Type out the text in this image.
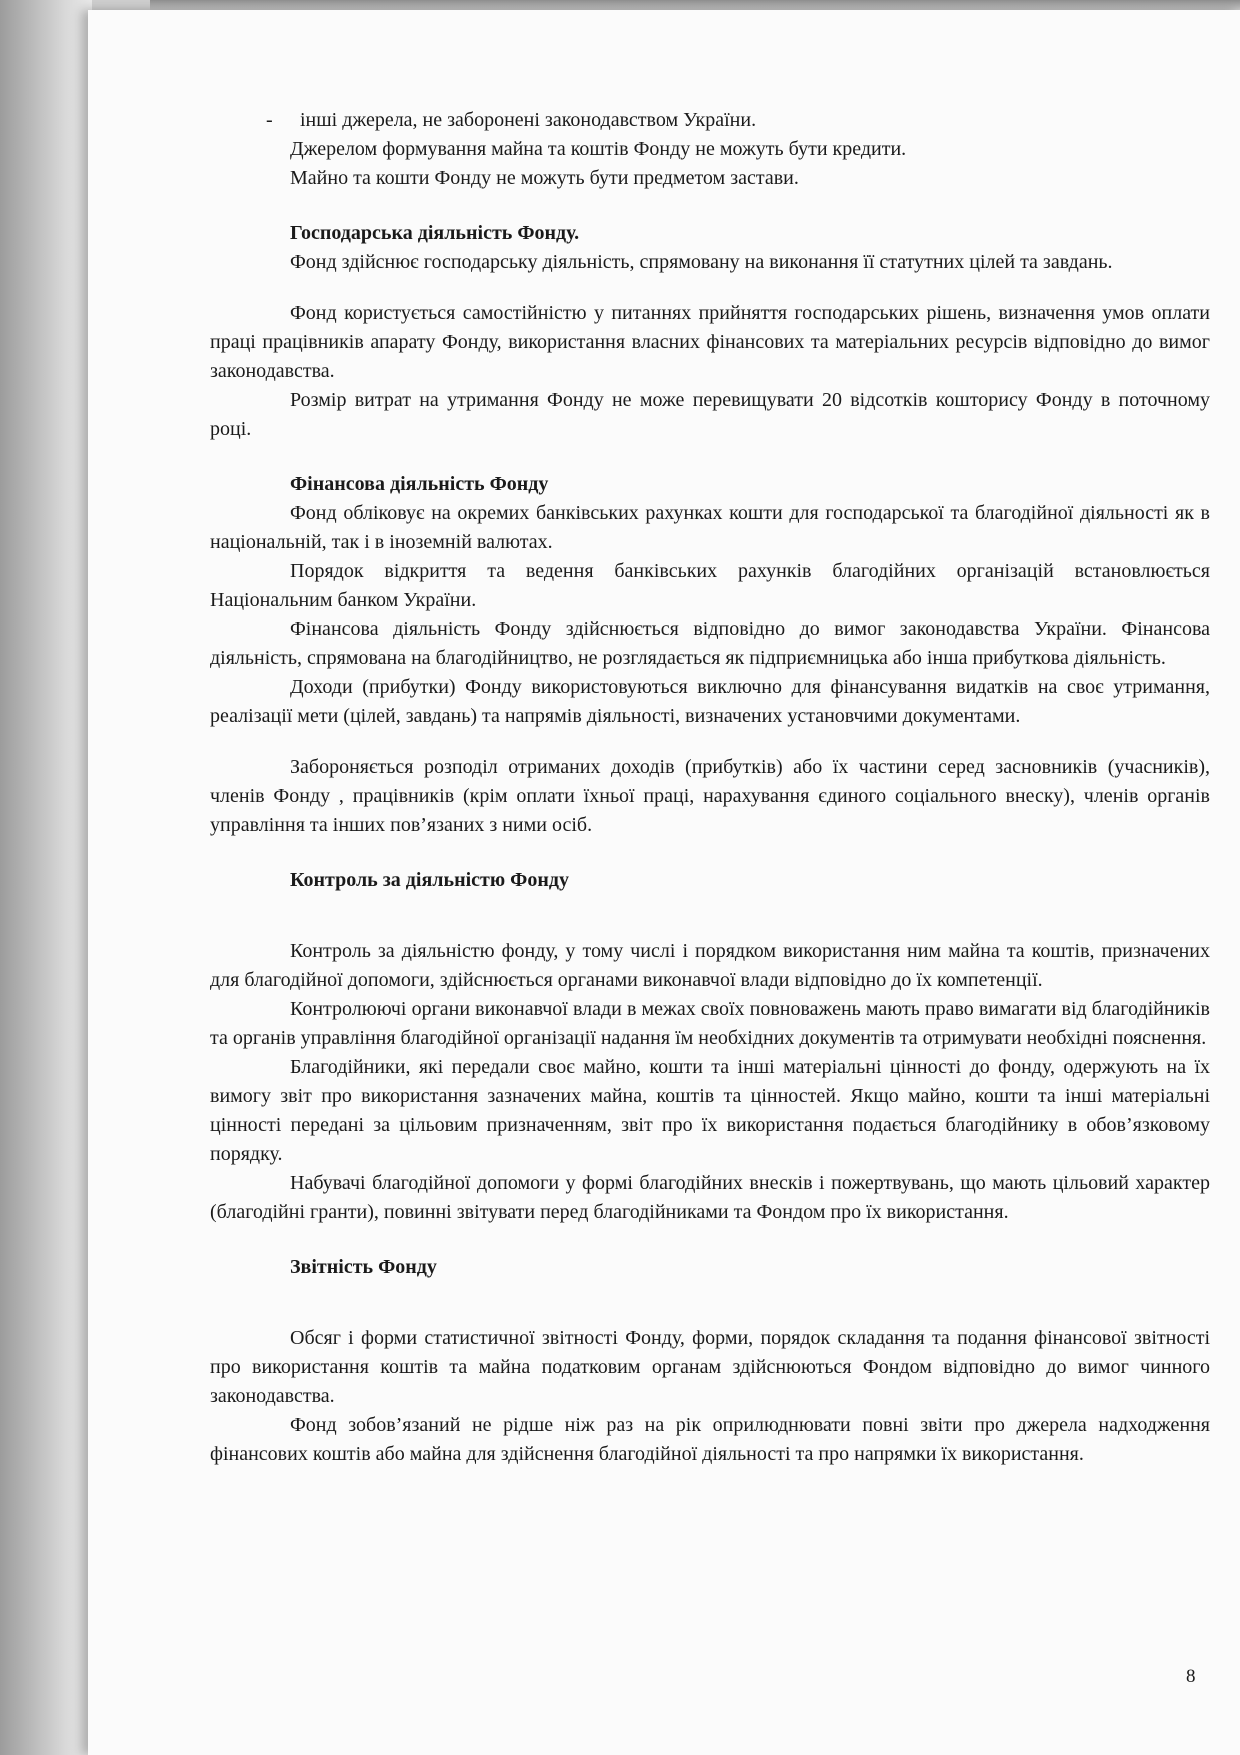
- інші джерела, не заборонені законодавством України.

Джерелом формування майна та коштів Фонду не можуть бути кредити.

Майно та кошти Фонду не можуть бути предметом застави.

Господарська діяльність Фонду.

Фонд здійснює господарську діяльність, спрямовану на виконання її статутних цілей та завдань.

Фонд користується самостійністю у питаннях прийняття господарських рішень, визначення умов оплати праці працівників апарату Фонду, використання власних фінансових та матеріальних ресурсів відповідно до вимог законодавства.

Розмір витрат на утримання Фонду не може перевищувати 20 відсотків кошторису Фонду в поточному році.

Фінансова діяльність Фонду

Фонд обліковує на окремих банківських рахунках кошти для господарської та благодійної діяльності як в національній, так і в іноземній валютах.

Порядок відкриття та ведення банківських рахунків благодійних організацій встановлюється Національним банком України.

Фінансова діяльність Фонду здійснюється відповідно до вимог законодавства України. Фінансова діяльність, спрямована на благодійництво, не розглядається як підприємницька або інша прибуткова діяльність.

Доходи (прибутки) Фонду використовуються виключно для фінансування видатків на своє утримання, реалізації мети (цілей, завдань) та напрямів діяльності, визначених установчими документами.

Забороняється розподіл отриманих доходів (прибутків) або їх частини серед засновників (учасників), членів Фонду , працівників (крім оплати їхньої праці, нарахування єдиного соціального внеску), членів органів управління та інших пов’язаних з ними осіб.

Контроль за діяльністю Фонду

Контроль за діяльністю фонду, у тому числі і порядком використання ним майна та коштів, призначених для благодійної допомоги, здійснюється органами виконавчої влади відповідно до їх компетенції.

Контролюючі органи виконавчої влади в межах своїх повноважень мають право вимагати від благодійників та органів управління благодійної організації надання їм необхідних документів та отримувати необхідні пояснення.

Благодійники, які передали своє майно, кошти та інші матеріальні цінності до фонду, одержують на їх вимогу звіт про використання зазначених майна, коштів та цінностей. Якщо майно, кошти та інші матеріальні цінності передані за цільовим призначенням, звіт про їх використання подається благодійнику в обов’язковому порядку.

Набувачі благодійної допомоги у формі благодійних внесків і пожертвувань, що мають цільовий характер (благодійні гранти), повинні звітувати перед благодійниками та Фондом про їх використання.

Звітність Фонду

Обсяг і форми статистичної звітності Фонду, форми, порядок складання та подання фінансової звітності про використання коштів та майна податковим органам здійснюються Фондом відповідно до вимог чинного законодавства.

Фонд зобов’язаний не рідше ніж раз на рік оприлюднювати повні звіти про джерела надходження фінансових коштів або майна для здійснення благодійної діяльності та про напрямки їх використання.

8
